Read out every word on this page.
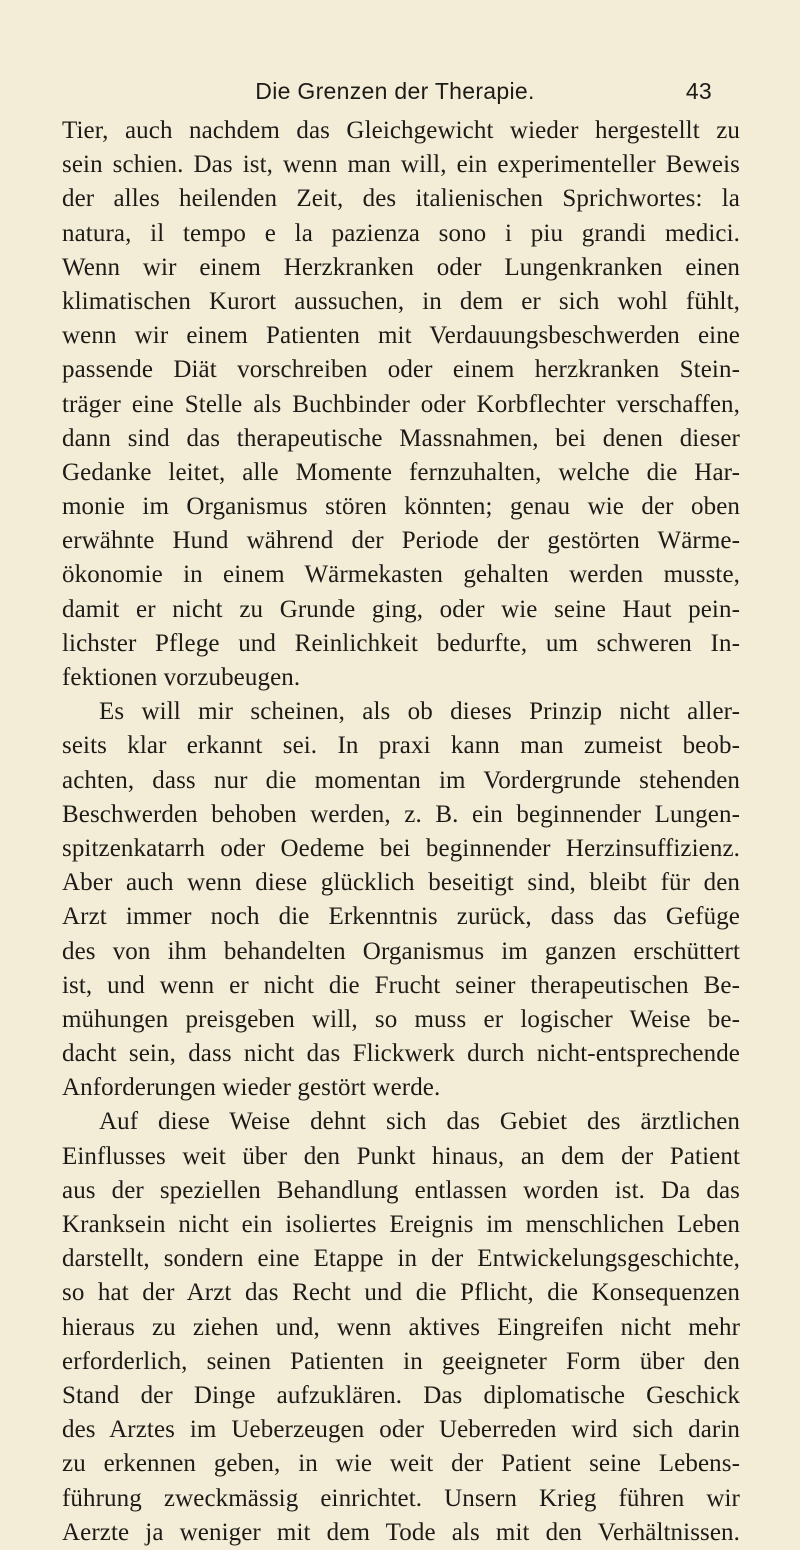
Die Grenzen der Therapie.	43
Tier, auch nachdem das Gleichgewicht wieder hergestellt zu
sein schien. Das ist, wenn man will, ein experimenteller Beweis
der alles heilenden Zeit, des italienischen Sprichwortes: la
natura, il tempo e la pazienza sono i piu grandi medici.
Wenn wir einem Herzkranken oder Lungenkranken einen
klimatischen Kurort aussuchen, in dem er sich wohl fühlt,
wenn wir einem Patienten mit Verdauungsbeschwerden eine
passende Diät vorschreiben oder einem herzkranken Stein-
träger eine Stelle als Buchbinder oder Korbflechter verschaffen,
dann sind das therapeutische Massnahmen, bei denen dieser
Gedanke leitet, alle Momente fernzuhalten, welche die Har-
monie im Organismus stören könnten; genau wie der oben
erwähnte Hund während der Periode der gestörten Wärme-
ökonomie in einem Wärmekasten gehalten werden musste,
damit er nicht zu Grunde ging, oder wie seine Haut pein-
lichster Pflege und Reinlichkeit bedurfte, um schweren In-
fektionen vorzubeugen.
Es will mir scheinen, als ob dieses Prinzip nicht aller-
seits klar erkannt sei. In praxi kann man zumeist beob-
achten, dass nur die momentan im Vordergrunde stehenden
Beschwerden behoben werden, z. B. ein beginnender Lungen-
spitzenkatarrh oder Oedeme bei beginnender Herzinsuffizienz.
Aber auch wenn diese glücklich beseitigt sind, bleibt für den
Arzt immer noch die Erkenntnis zurück, dass das Gefüge
des von ihm behandelten Organismus im ganzen erschüttert
ist, und wenn er nicht die Frucht seiner therapeutischen Be-
mühungen preisgeben will, so muss er logischer Weise be-
dacht sein, dass nicht das Flickwerk durch nicht-entsprechende
Anforderungen wieder gestört werde.
Auf diese Weise dehnt sich das Gebiet des ärztlichen
Einflusses weit über den Punkt hinaus, an dem der Patient
aus der speziellen Behandlung entlassen worden ist. Da das
Kranksein nicht ein isoliertes Ereignis im menschlichen Leben
darstellt, sondern eine Etappe in der Entwickelungsgeschichte,
so hat der Arzt das Recht und die Pflicht, die Konsequenzen
hieraus zu ziehen und, wenn aktives Eingreifen nicht mehr
erforderlich, seinen Patienten in geeigneter Form über den
Stand der Dinge aufzuklären. Das diplomatische Geschick
des Arztes im Ueberzeugen oder Ueberreden wird sich darin
zu erkennen geben, in wie weit der Patient seine Lebens-
führung zweckmässig einrichtet. Unsern Krieg führen wir
Aerzte ja weniger mit dem Tode als mit den Verhältnissen.
